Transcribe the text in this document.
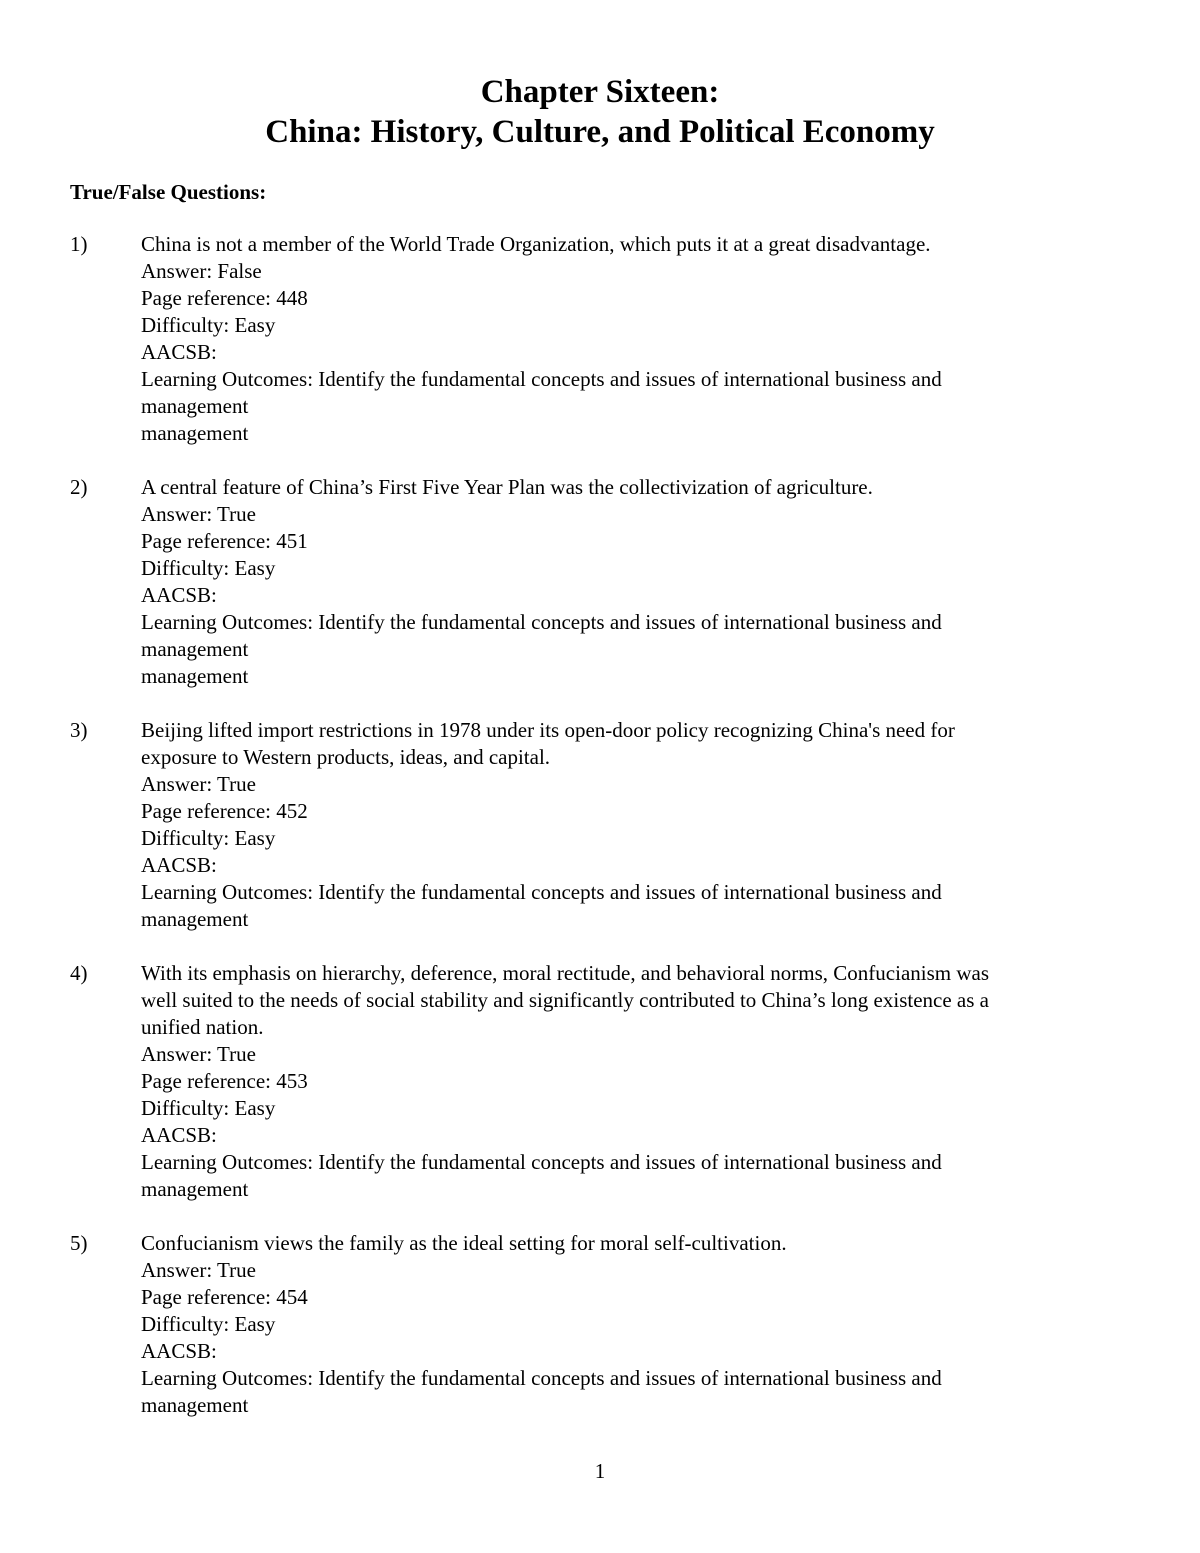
Chapter Sixteen:
China: History, Culture, and Political Economy
True/False Questions:
1)	China is not a member of the World Trade Organization, which puts it at a great disadvantage.
Answer: False
Page reference: 448
Difficulty: Easy
AACSB:
Learning Outcomes: Identify the fundamental concepts and issues of international business and
management
management
2)	A central feature of China’s First Five Year Plan was the collectivization of agriculture.
Answer: True
Page reference: 451
Difficulty: Easy
AACSB:
Learning Outcomes: Identify the fundamental concepts and issues of international business and
management
management
3)	Beijing lifted import restrictions in 1978 under its open-door policy recognizing China's need for
exposure to Western products, ideas, and capital.
Answer: True
Page reference: 452
Difficulty: Easy
AACSB:
Learning Outcomes: Identify the fundamental concepts and issues of international business and
management
4)	With its emphasis on hierarchy, deference, moral rectitude, and behavioral norms, Confucianism was
well suited to the needs of social stability and significantly contributed to China’s long existence as a
unified nation.
Answer: True
Page reference: 453
Difficulty: Easy
AACSB:
Learning Outcomes: Identify the fundamental concepts and issues of international business and
management
5)	Confucianism views the family as the ideal setting for moral self-cultivation.
Answer: True
Page reference: 454
Difficulty: Easy
AACSB:
Learning Outcomes: Identify the fundamental concepts and issues of international business and
management
1
